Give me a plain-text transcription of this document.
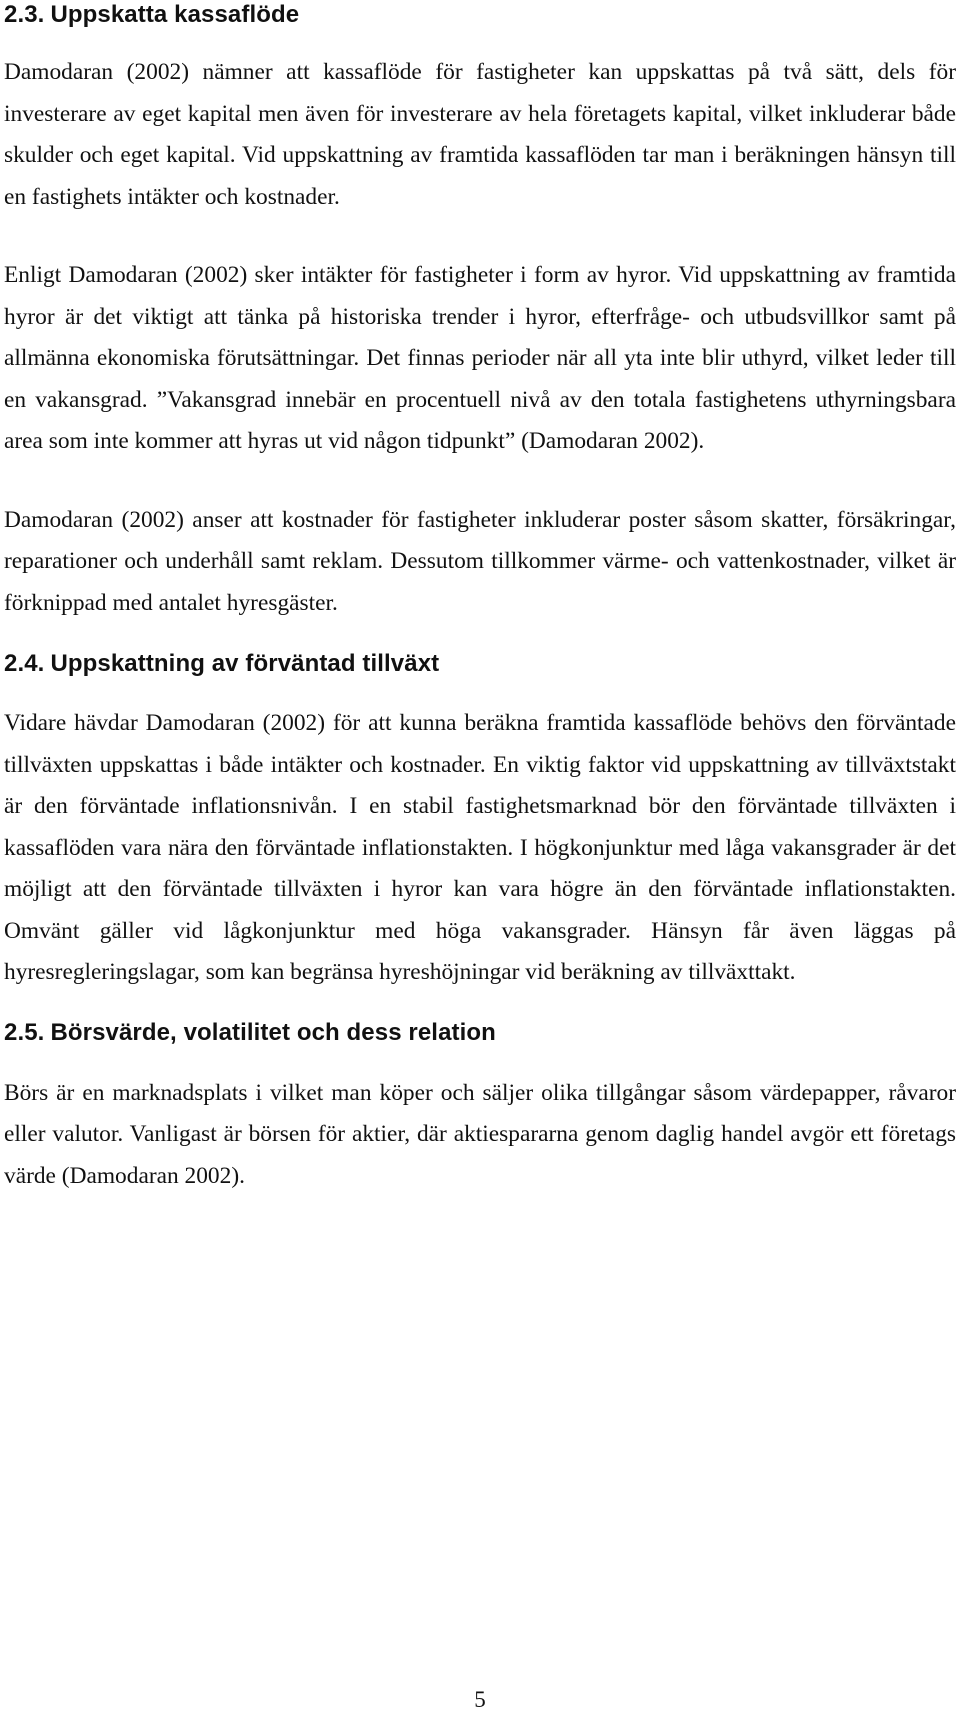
2.3. Uppskatta kassaflöde

Damodaran (2002) nämner att kassaflöde för fastigheter kan uppskattas på två sätt, dels för investerare av eget kapital men även för investerare av hela företagets kapital, vilket inkluderar både skulder och eget kapital. Vid uppskattning av framtida kassaflöden tar man i beräkningen hänsyn till en fastighets intäkter och kostnader.

Enligt Damodaran (2002) sker intäkter för fastigheter i form av hyror. Vid uppskattning av framtida hyror är det viktigt att tänka på historiska trender i hyror, efterfråge- och utbudsvillkor samt på allmänna ekonomiska förutsättningar. Det finnas perioder när all yta inte blir uthyrd, vilket leder till en vakansgrad. ”Vakansgrad innebär en procentuell nivå av den totala fastighetens uthyrningsbara area som inte kommer att hyras ut vid någon tidpunkt” (Damodaran 2002).

Damodaran (2002) anser att kostnader för fastigheter inkluderar poster såsom skatter, försäkringar, reparationer och underhåll samt reklam. Dessutom tillkommer värme- och vattenkostnader, vilket är förknippad med antalet hyresgäster.

2.4. Uppskattning av förväntad tillväxt

Vidare hävdar Damodaran (2002) för att kunna beräkna framtida kassaflöde behövs den förväntade tillväxten uppskattas i både intäkter och kostnader. En viktig faktor vid uppskattning av tillväxtstakt är den förväntade inflationsnivån. I en stabil fastighetsmarknad bör den förväntade tillväxten i kassaflöden vara nära den förväntade inflationstakten. I högkonjunktur med låga vakansgrader är det möjligt att den förväntade tillväxten i hyror kan vara högre än den förväntade inflationstakten. Omvänt gäller vid lågkonjunktur med höga vakansgrader. Hänsyn får även läggas på hyresregleringslagar, som kan begränsa hyreshöjningar vid beräkning av tillväxttakt.

2.5. Börsvärde, volatilitet och dess relation

Börs är en marknadsplats i vilket man köper och säljer olika tillgångar såsom värdepapper, råvaror eller valutor. Vanligast är börsen för aktier, där aktiespararna genom daglig handel avgör ett företags värde (Damodaran 2002).

5
